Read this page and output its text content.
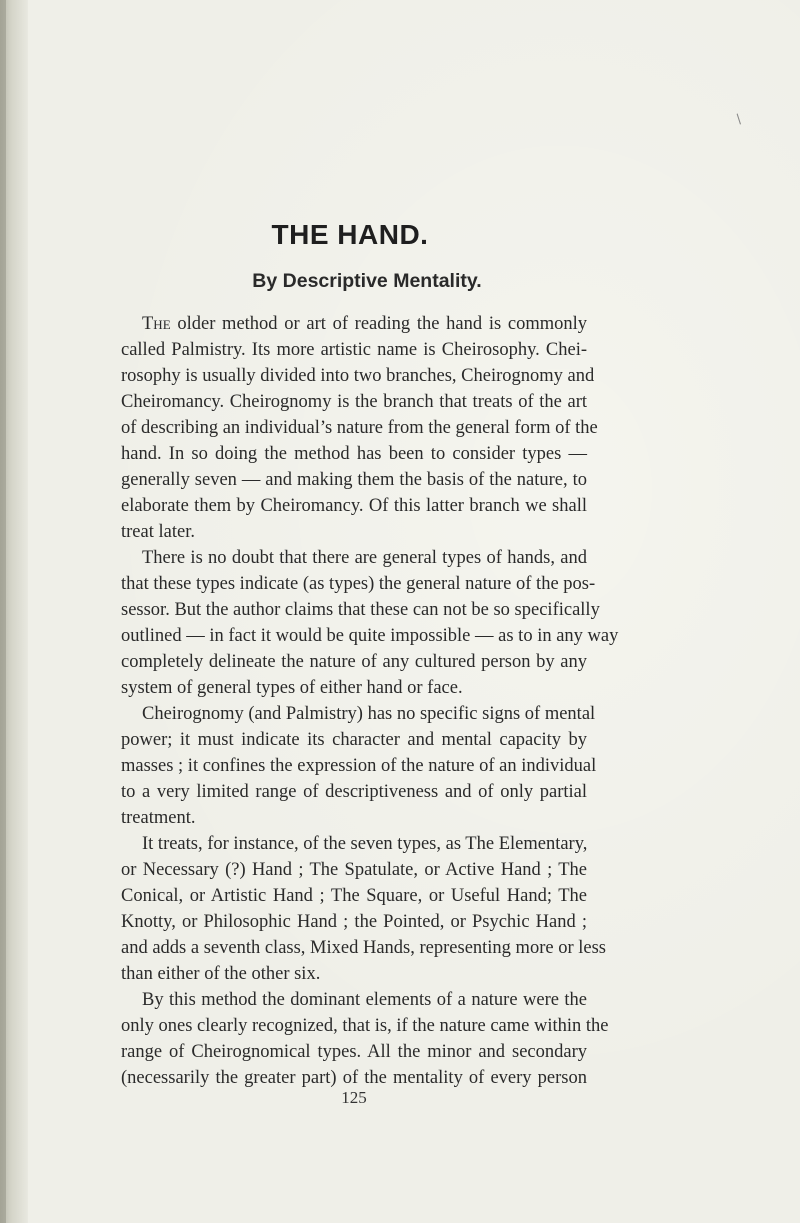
/
THE HAND.
By Descriptive Mentality.
The older method or art of reading the hand is commonly
called Palmistry. Its more artistic name is Cheirosophy. Chei-
rosophy is usually divided into two branches, Cheirognomy and
Cheiromancy. Cheirognomy is the branch that treats of the art
of describing an individual’s nature from the general form of the
hand. In so doing the method has been to consider types —
generally seven — and making them the basis of the nature, to
elaborate them by Cheiromancy. Of this latter branch we shall
treat later.
There is no doubt that there are general types of hands, and
that these types indicate (as types) the general nature of the pos-
sessor. But the author claims that these can not be so specifically
outlined — in fact it would be quite impossible — as to in any way
completely delineate the nature of any cultured person by any
system of general types of either hand or face.
Cheirognomy (and Palmistry) has no specific signs of mental
power; it must indicate its character and mental capacity by
masses ; it confines the expression of the nature of an individual
to a very limited range of descriptiveness and of only partial
treatment.
It treats, for instance, of the seven types, as The Elementary,
or Necessary (?) Hand ; The Spatulate, or Active Hand ; The
Conical, or Artistic Hand ; The Square, or Useful Hand; The
Knotty, or Philosophic Hand ; the Pointed, or Psychic Hand ;
and adds a seventh class, Mixed Hands, representing more or less
than either of the other six.
By this method the dominant elements of a nature were the
only ones clearly recognized, that is, if the nature came within the
range of Cheirognomical types. All the minor and secondary
(necessarily the greater part) of the mentality of every person
125
